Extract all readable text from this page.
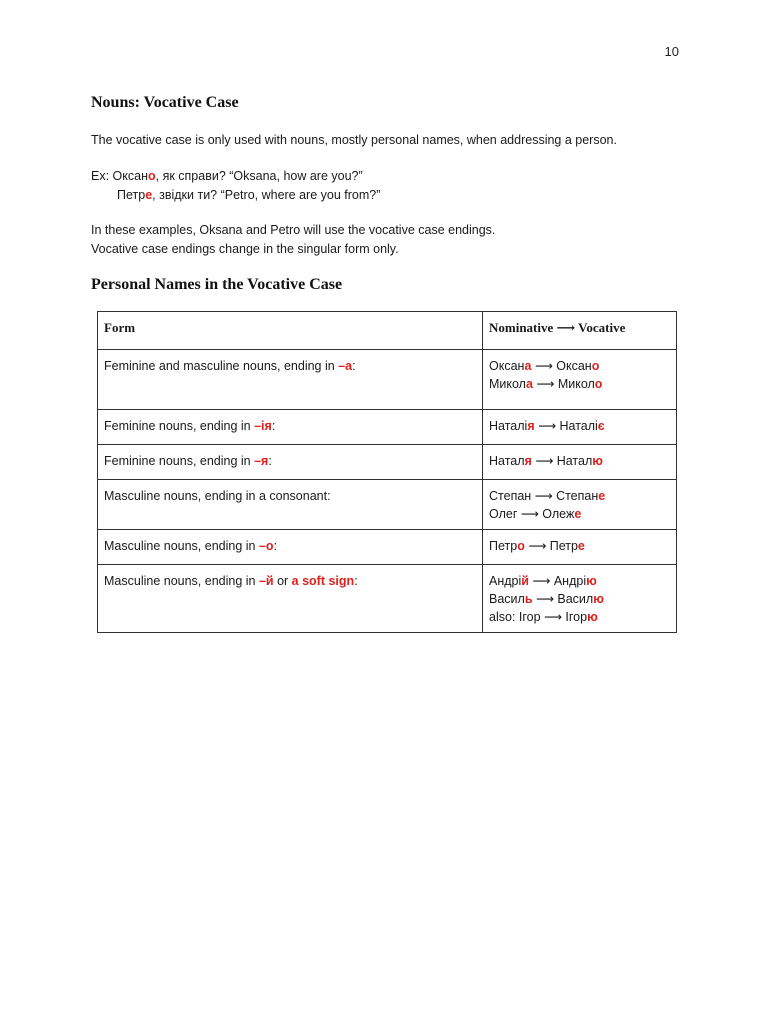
10
Nouns: Vocative Case

The vocative case is only used with nouns, mostly personal names, when addressing a person.

Ex: Оксано, як справи? “Oksana, how are you?”
Петре, звідки ти? “Petro, where are you from?”
In these examples, Oksana and Petro will use the vocative case endings.
Vocative case endings change in the singular form only.
Personal Names in the Vocative Case
Form	Nominative ⟶ Vocative
Feminine and masculine nouns, ending in –а:	Оксана ⟶ Оксано
Микола ⟶ Миколо

Feminine nouns, ending in –ія:	Наталія ⟶ Наталіє

Feminine nouns, ending in –я:	Наталя ⟶ Наталю

Masculine nouns, ending in a consonant:	Степан ⟶ Степане
Олег ⟶ Олеже

Masculine nouns, ending in –о:	Петро ⟶ Петре

Masculine nouns, ending in –й or a soft sign:	Андрій ⟶ Андрію
Василь ⟶ Василю
also: Ігор ⟶ Ігорю
